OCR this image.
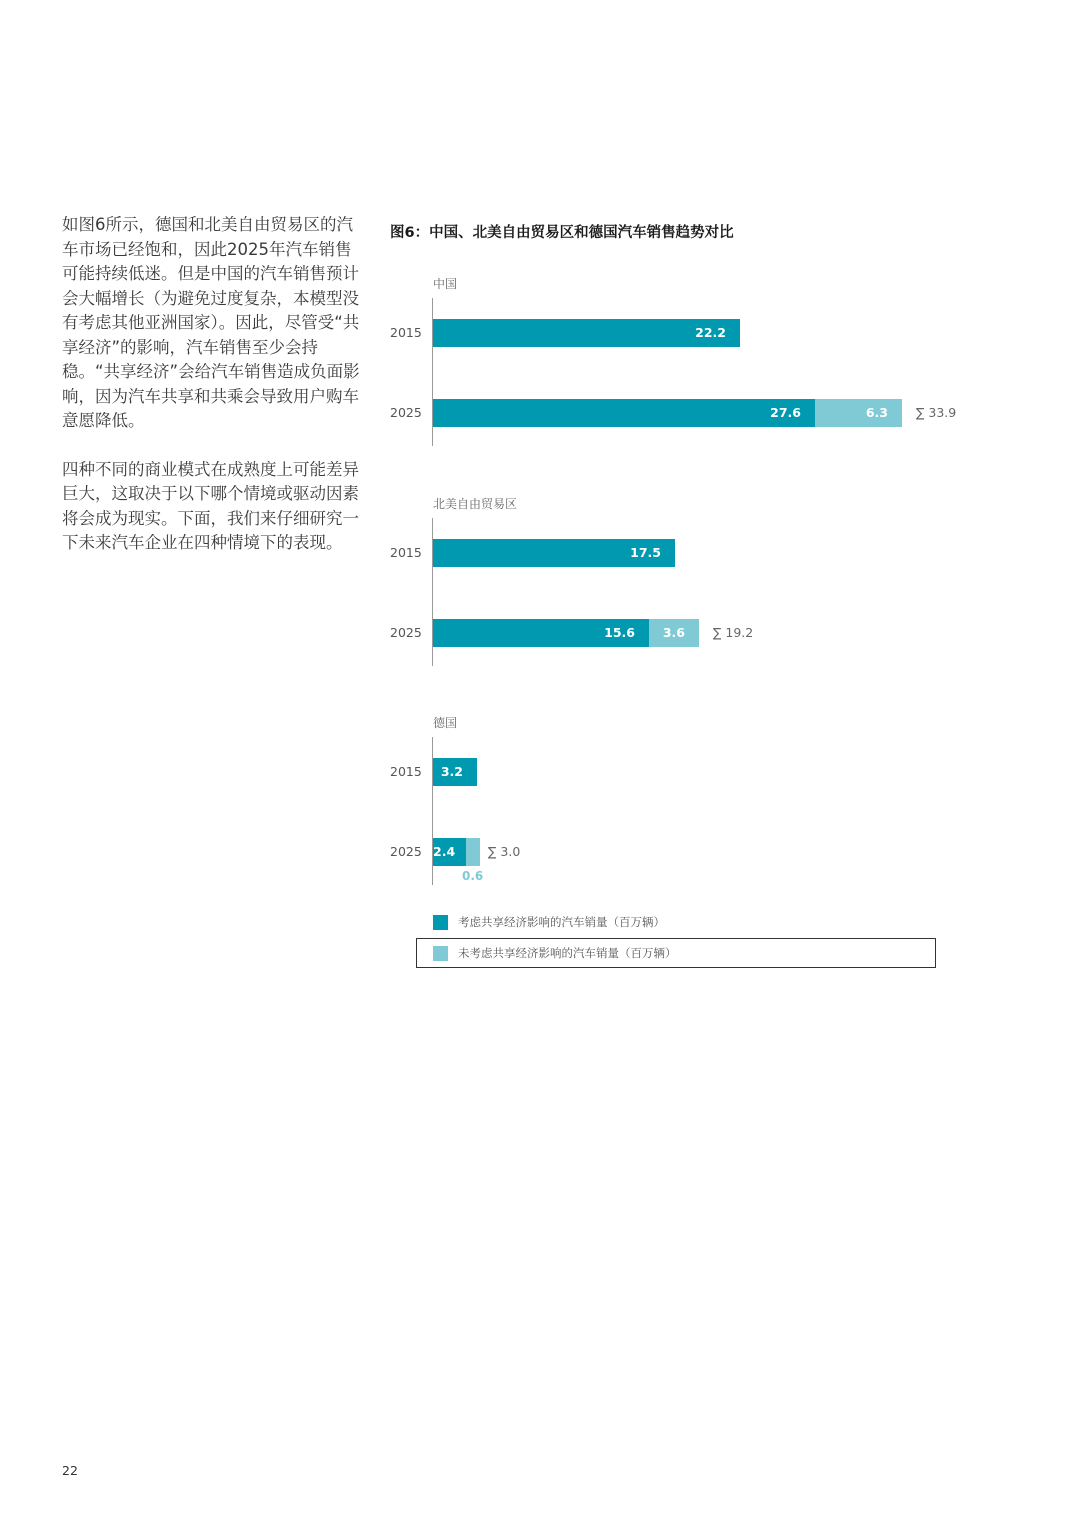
如图6所示，德国和北美自由贸易区的汽车市场已经饱和，因此2025年汽车销售可能持续低迷。但是中国的汽车销售预计会大幅增长（为避免过度复杂，本模型没有考虑其他亚洲国家）。因此，尽管受“共享经济”的影响，汽车销售至少会持稳。“共享经济”会给汽车销售造成负面影响，因为汽车共享和共乘会导致用户购车意愿降低。

四种不同的商业模式在成熟度上可能差异巨大，这取决于以下哪个情境或驱动因素将会成为现实。下面，我们来仔细研究一下未来汽车企业在四种情境下的表现。

图6：中国、北美自由贸易区和德国汽车销售趋势对比
中国
2015	22.2
2025	27.6	6.3	∑ 33.9
北美自由贸易区
2015	17.5
2025	15.6	3.6	∑ 19.2
德国
2015	3.2
2025 2.4
0.6
∑ 3.0
考虑共享经济影响的汽车销量（百万辆）
未考虑共享经济影响的汽车销量（百万辆）
22
